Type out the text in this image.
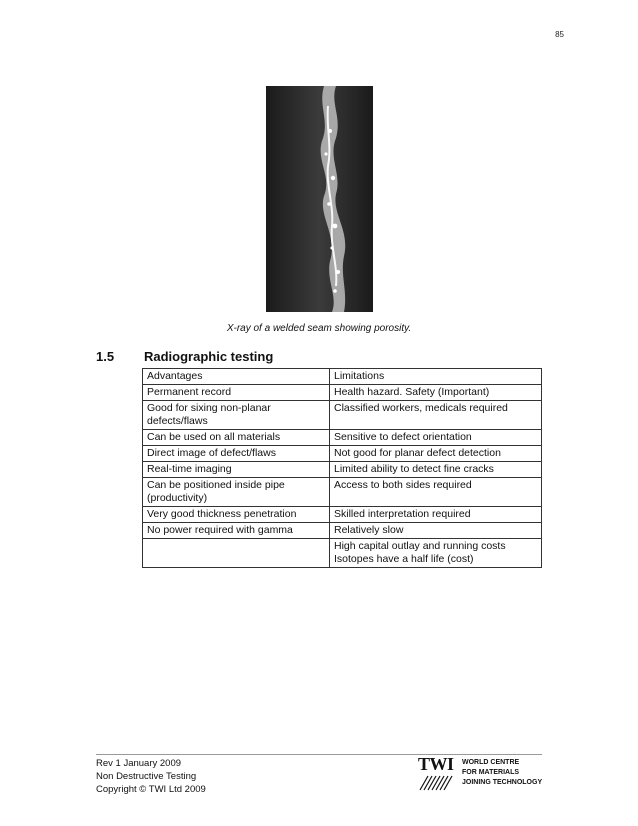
85
X-ray of a welded seam showing porosity.
1.5 Radiographic testing
Advantages	Limitations
Permanent record	Health hazard. Safety (Important)
Good for sixing non-planar defects/flaws	Classified workers, medicals required
Can be used on all materials	Sensitive to defect orientation
Direct image of defect/flaws	Not good for planar defect detection
Real-time imaging	Limited ability to detect fine cracks
Can be positioned inside pipe (productivity)	Access to both sides required
Very good thickness penetration	Skilled interpretation required
No power required with gamma	Relatively slow
	High capital outlay and running costs Isotopes have a half life (cost)
Rev 1 January 2009
Non Destructive Testing
Copyright © TWI Ltd 2009
TWI WORLD CENTRE
FOR MATERIALS
JOINING TECHNOLOGY
